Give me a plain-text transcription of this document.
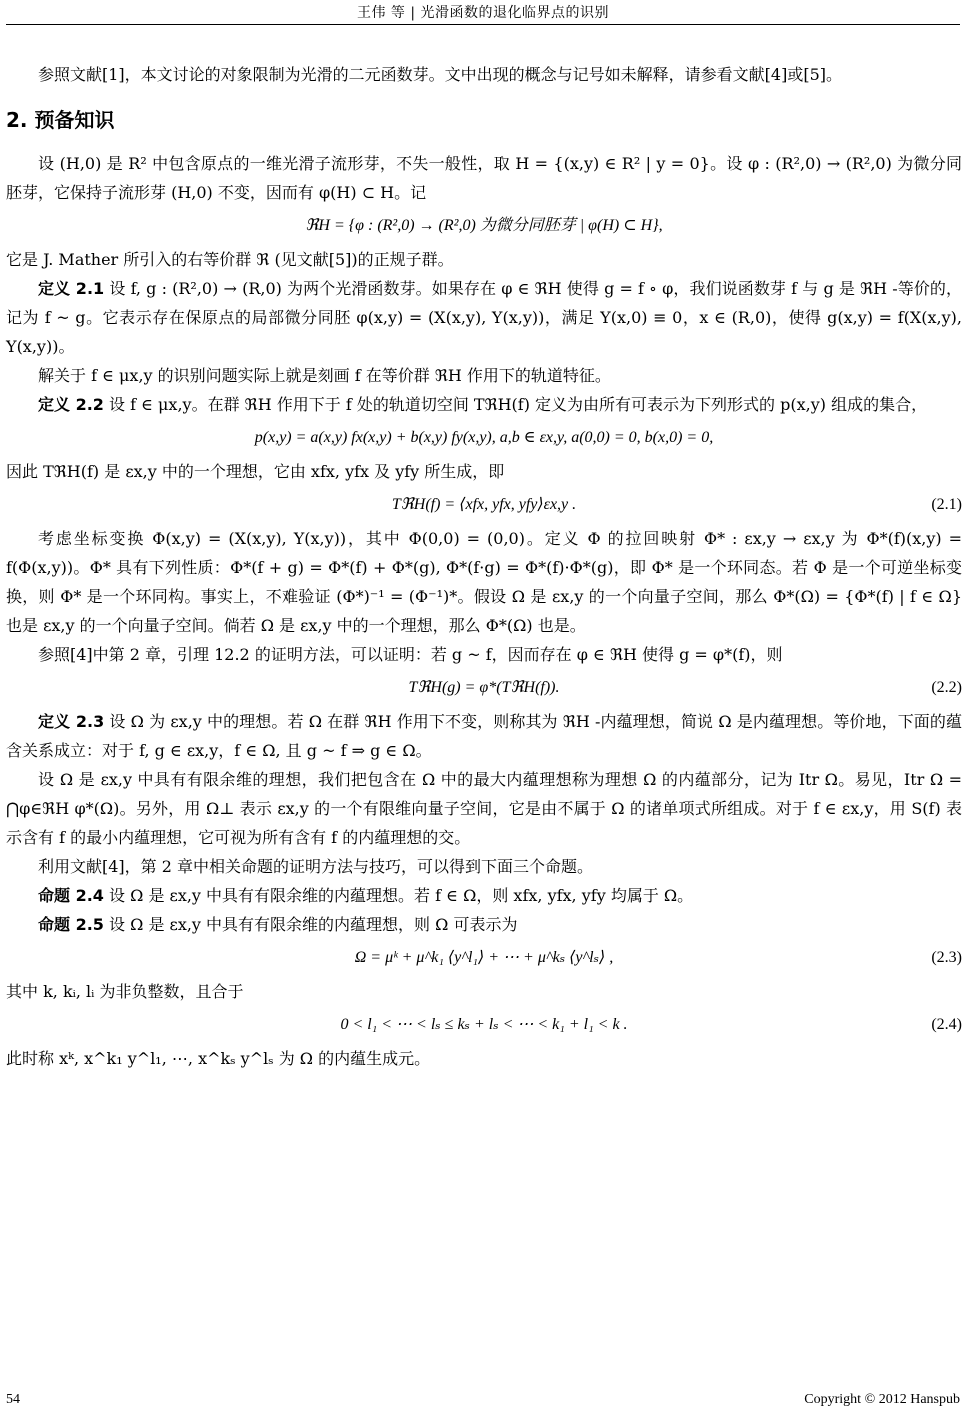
王伟 等 | 光滑函数的退化临界点的识别

参照文献[1]，本文讨论的对象限制为光滑的二元函数芽。文中出现的概念与记号如未解释，请参看文献[4]或[5]。

2. 预备知识

设 (H,0) 是 R² 中包含原点的一维光滑子流形芽，不失一般性，取 H = {(x,y) ∈ R² | y = 0}。设 φ : (R²,0) → (R²,0) 为微分同胚芽，它保持子流形芽 (H,0) 不变，因而有 φ(H) ⊂ H。记

ℜH = {φ : (R²,0) → (R²,0) 为微分同胚芽 | φ(H) ⊂ H},

它是 J. Mather 所引入的右等价群 ℜ (见文献[5])的正规子群。

定义 2.1 设 f, g : (R²,0) → (R,0) 为两个光滑函数芽。如果存在 φ ∈ ℜH 使得 g = f ∘ φ，我们说函数芽 f 与 g 是 ℜH -等价的，记为 f ~ g。它表示存在保原点的局部微分同胚 φ(x,y) = (X(x,y), Y(x,y))，满足 Y(x,0) ≡ 0，x ∈ (R,0)，使得 g(x,y) = f(X(x,y), Y(x,y))。

解关于 f ∈ μx,y 的识别问题实际上就是刻画 f 在等价群 ℜH 作用下的轨道特征。

定义 2.2 设 f ∈ μx,y。在群 ℜH 作用下于 f 处的轨道切空间 TℜH(f) 定义为由所有可表示为下列形式的 p(x,y) 组成的集合，

p(x,y) = a(x,y) fx(x,y) + b(x,y) fy(x,y), a,b ∈ εx,y, a(0,0) = 0, b(x,0) = 0,

因此 TℜH(f) 是 εx,y 中的一个理想，它由 xfx, yfx 及 yfy 所生成，即

TℜH(f) = ⟨xfx, yfx, yfy⟩εx,y .	(2.1)

考虑坐标变换 Φ(x,y) = (X(x,y), Y(x,y))，其中 Φ(0,0) = (0,0)。定义 Φ 的拉回映射 Φ* : εx,y → εx,y 为 Φ*(f)(x,y) = f(Φ(x,y))。Φ* 具有下列性质：Φ*(f + g) = Φ*(f) + Φ*(g), Φ*(f·g) = Φ*(f)·Φ*(g)，即 Φ* 是一个环同态。若 Φ 是一个可逆坐标变换，则 Φ* 是一个环同构。事实上，不难验证 (Φ*)⁻¹ = (Φ⁻¹)*。假设 Ω 是 εx,y 的一个向量子空间，那么 Φ*(Ω) = {Φ*(f) | f ∈ Ω} 也是 εx,y 的一个向量子空间。倘若 Ω 是 εx,y 中的一个理想，那么 Φ*(Ω) 也是。

参照[4]中第 2 章，引理 12.2 的证明方法，可以证明：若 g ~ f，因而存在 φ ∈ ℜH 使得 g = φ*(f)，则

TℜH(g) = φ*(TℜH(f)).	(2.2)

定义 2.3 设 Ω 为 εx,y 中的理想。若 Ω 在群 ℜH 作用下不变，则称其为 ℜH -内蕴理想，简说 Ω 是内蕴理想。等价地，下面的蕴含关系成立：对于 f, g ∈ εx,y，f ∈ Ω, 且 g ~ f ⇒ g ∈ Ω。

设 Ω 是 εx,y 中具有有限余维的理想，我们把包含在 Ω 中的最大内蕴理想称为理想 Ω 的内蕴部分，记为 Itr Ω。易见，Itr Ω = ⋂φ∈ℜH φ*(Ω)。另外，用 Ω⊥ 表示 εx,y 的一个有限维向量子空间，它是由不属于 Ω 的诸单项式所组成。对于 f ∈ εx,y，用 S(f) 表示含有 f 的最小内蕴理想，它可视为所有含有 f 的内蕴理想的交。

利用文献[4]，第 2 章中相关命题的证明方法与技巧，可以得到下面三个命题。

命题 2.4 设 Ω 是 εx,y 中具有有限余维的内蕴理想。若 f ∈ Ω，则 xfx, yfx, yfy 均属于 Ω。

命题 2.5 设 Ω 是 εx,y 中具有有限余维的内蕴理想，则 Ω 可表示为

Ω = μᵏ + μ^k₁ ⟨y^l₁⟩ + ⋯ + μ^kₛ ⟨y^lₛ⟩ ,	(2.3)

其中 k, kᵢ, lᵢ 为非负整数，且合于

0 < l₁ < ⋯ < lₛ ≤ kₛ + lₛ < ⋯ < k₁ + l₁ < k .	(2.4)

此时称 xᵏ, x^k₁ y^l₁, ⋯, x^kₛ y^lₛ 为 Ω 的内蕴生成元。

54	Copyright © 2012 Hanspub
